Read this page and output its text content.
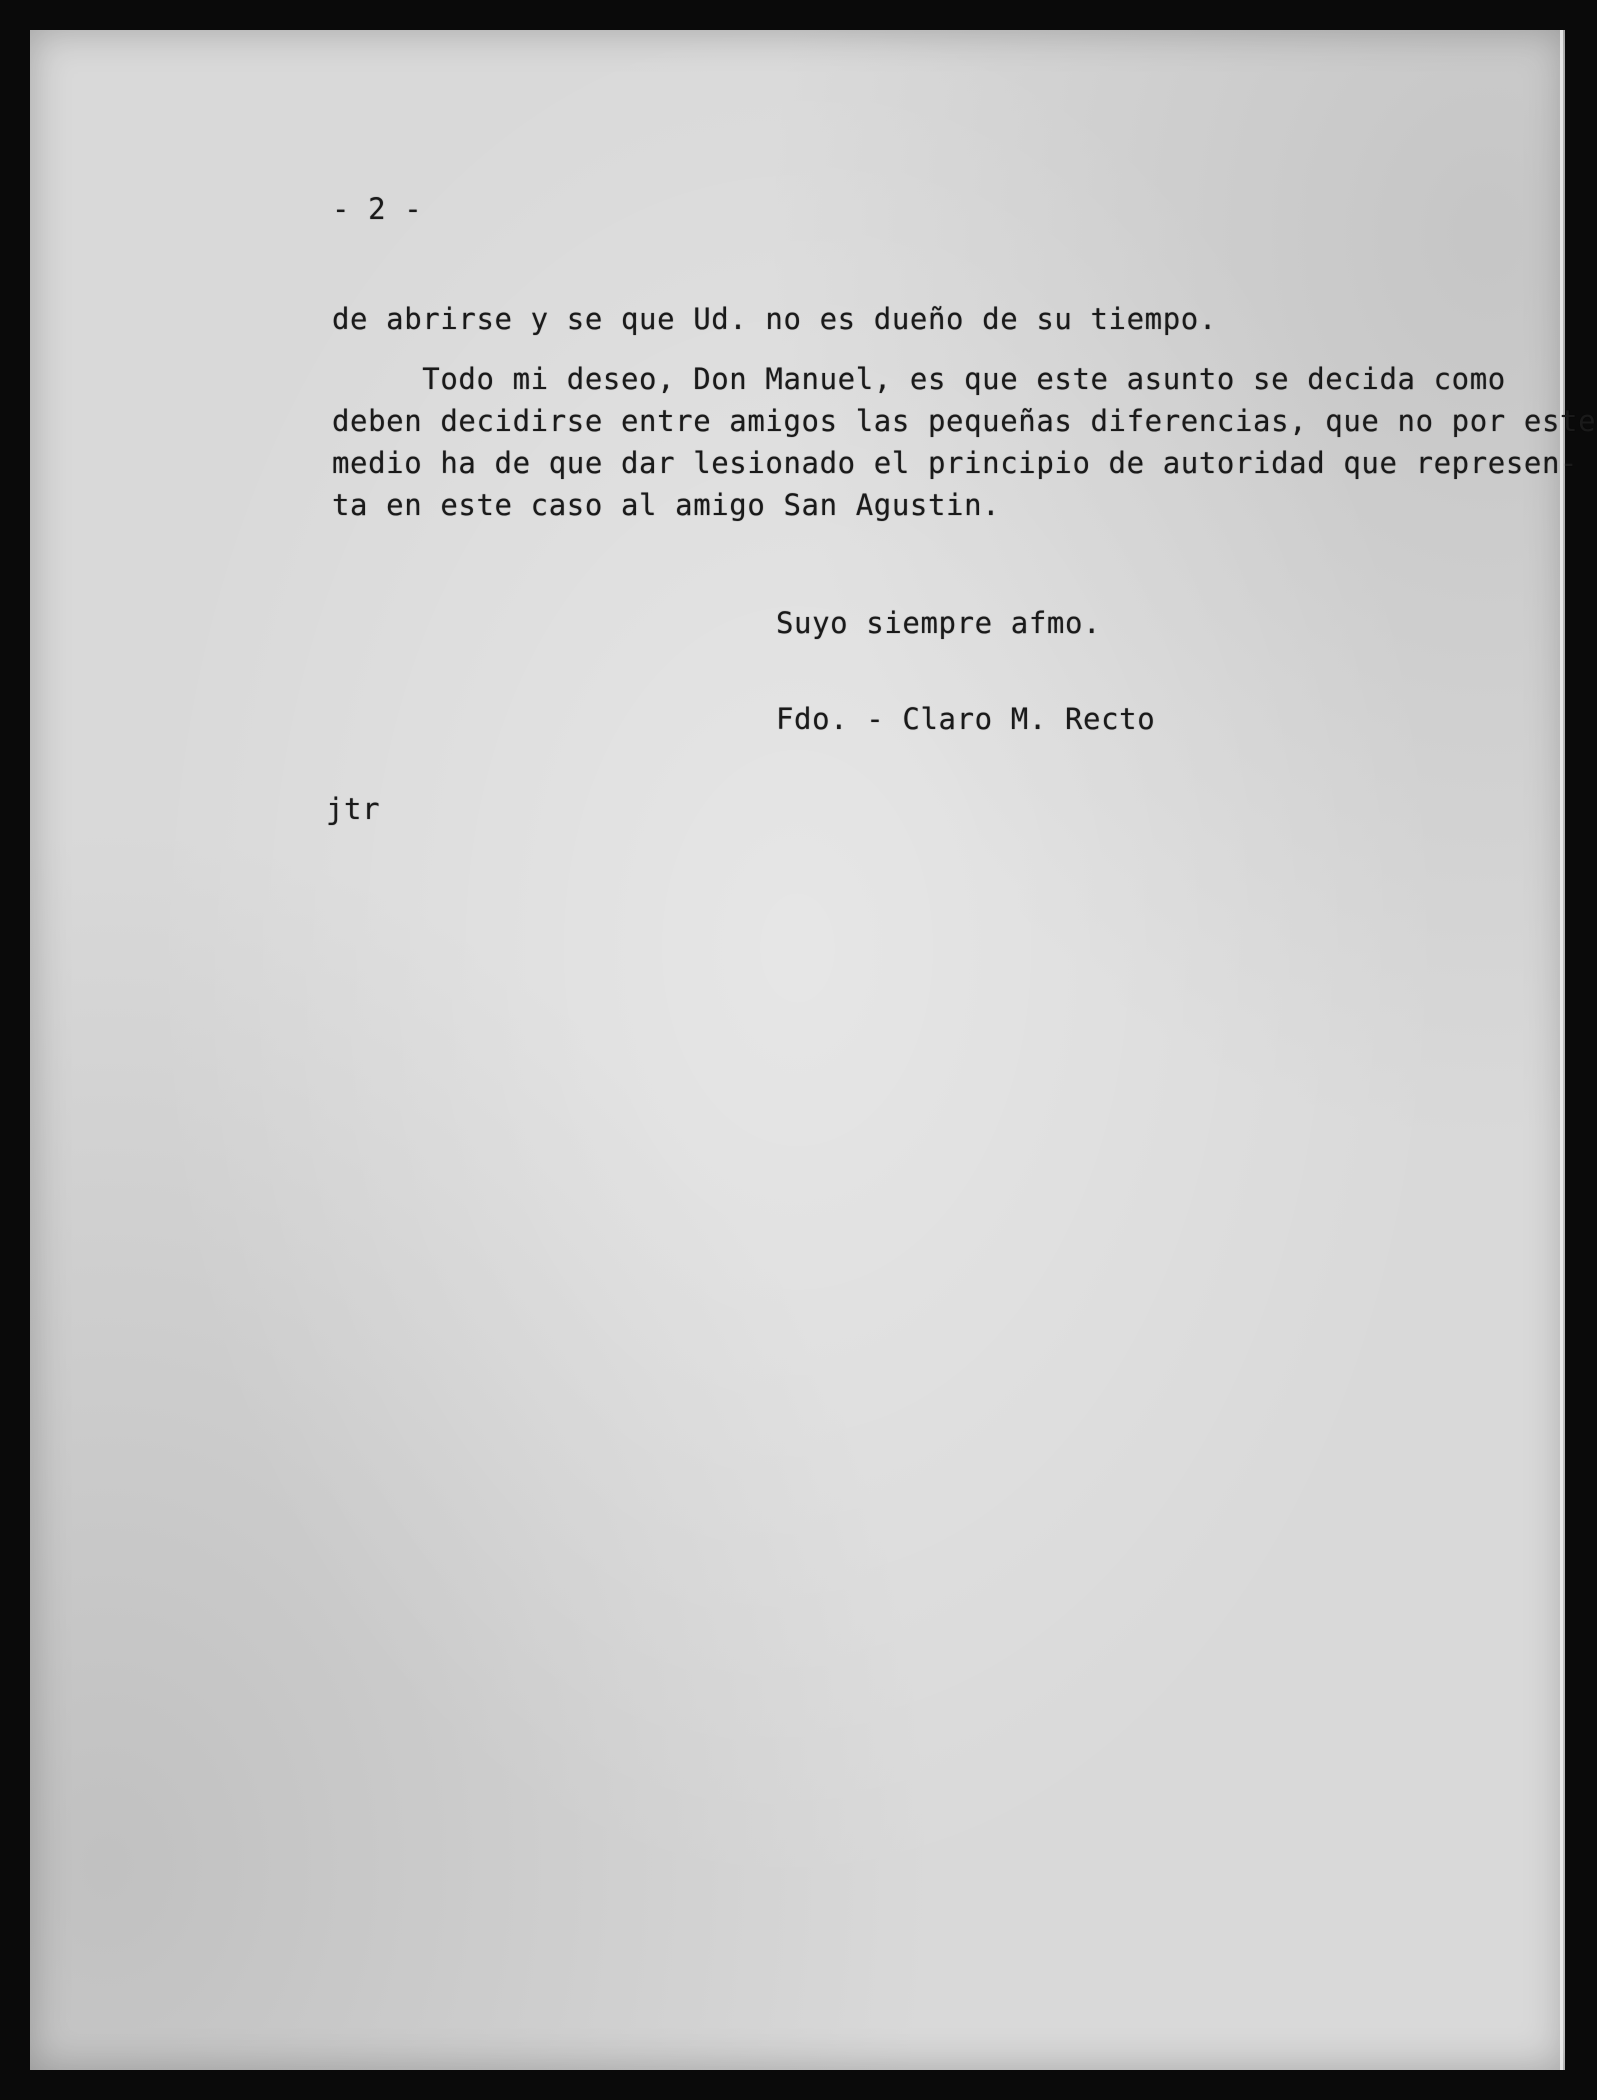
- 2 -
de abrirse y se que Ud. no es dueño de su tiempo.

Todo mi deseo, Don Manuel, es que este asunto se decida como

deben decidirse entre amigos las pequeñas diferencias, que no por este

medio ha de que dar lesionado el principio de autoridad que represen-

ta en este caso al amigo San Agustin.

Suyo siempre afmo.
Fdo. - Claro M. Recto
jtr
